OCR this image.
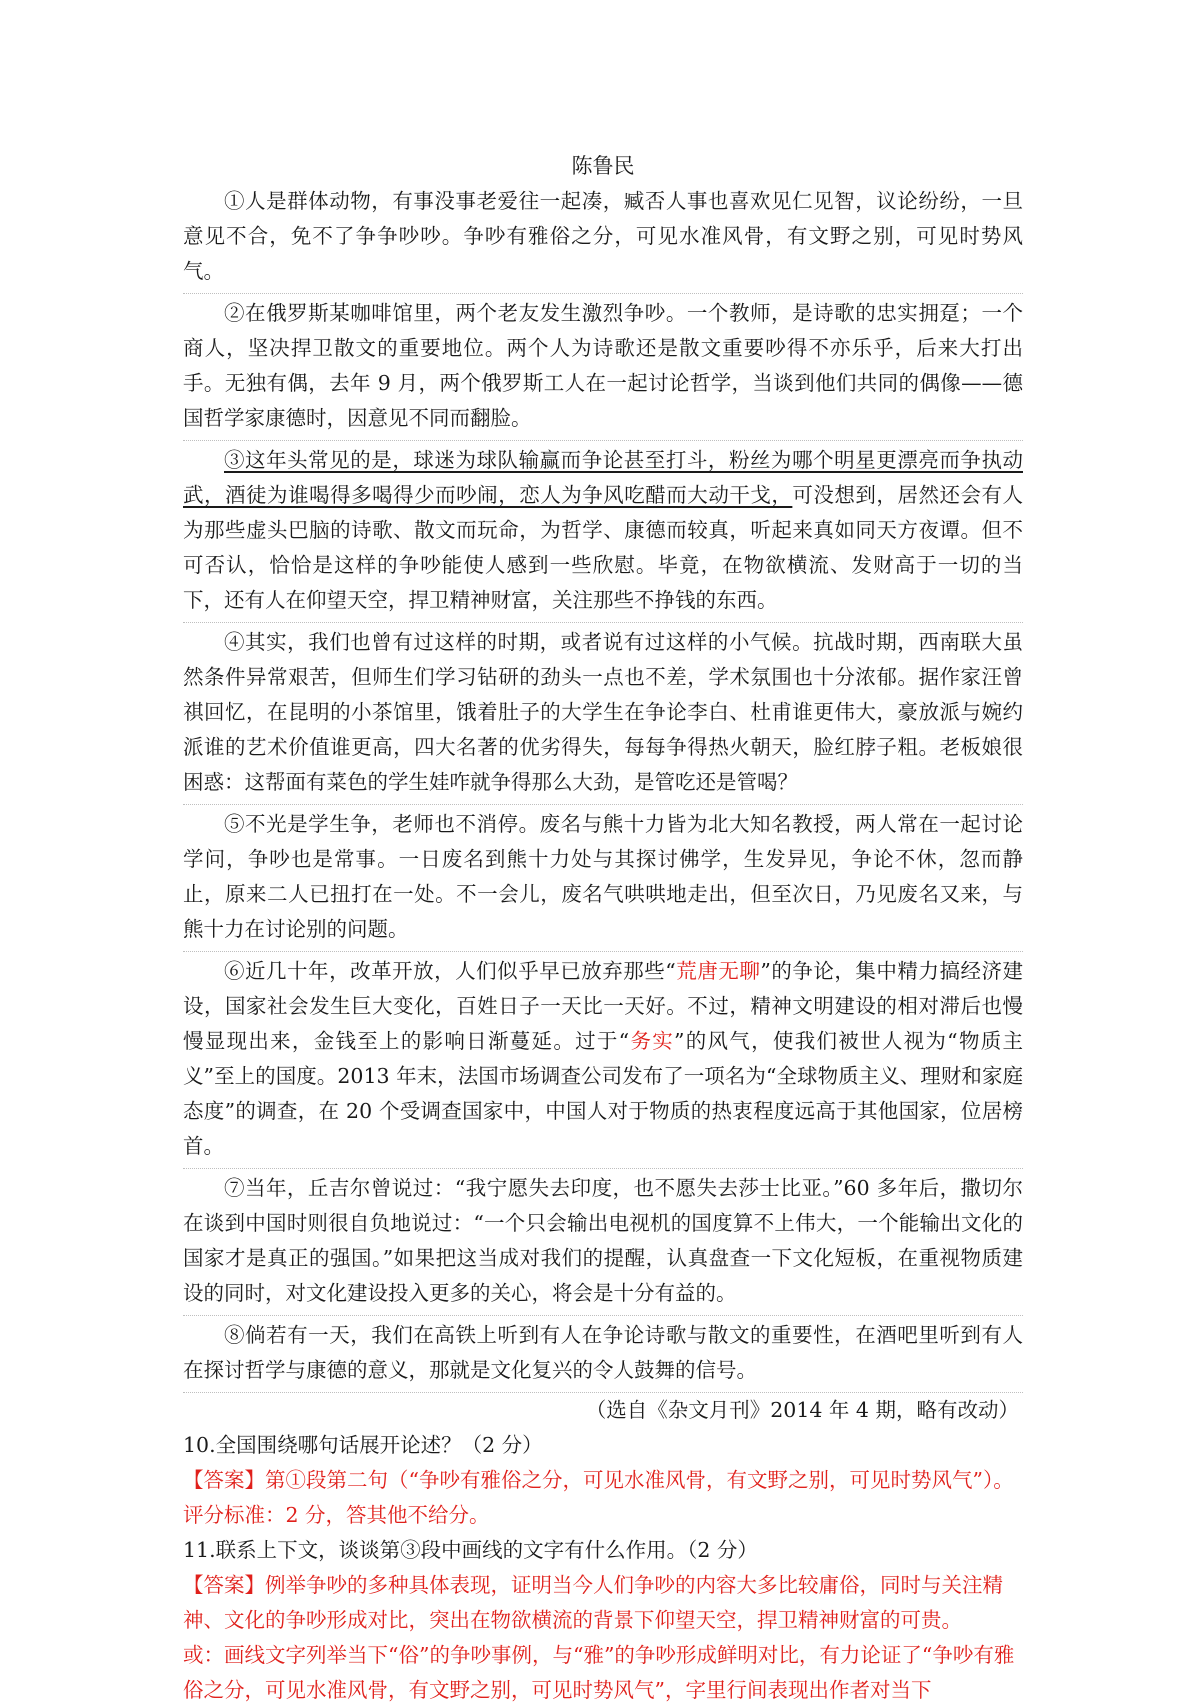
陈鲁民

①人是群体动物，有事没事老爱往一起凑，臧否人事也喜欢见仁见智，议论纷纷，一旦意见不合，免不了争争吵吵。争吵有雅俗之分，可见水准风骨，有文野之别，可见时势风气。

②在俄罗斯某咖啡馆里，两个老友发生激烈争吵。一个教师，是诗歌的忠实拥趸；一个商人，坚决捍卫散文的重要地位。两个人为诗歌还是散文重要吵得不亦乐乎，后来大打出手。无独有偶，去年 9 月，两个俄罗斯工人在一起讨论哲学，当谈到他们共同的偶像——德国哲学家康德时，因意见不同而翻脸。

③这年头常见的是，球迷为球队输赢而争论甚至打斗，粉丝为哪个明星更漂亮而争执动武，酒徒为谁喝得多喝得少而吵闹，恋人为争风吃醋而大动干戈，可没想到，居然还会有人为那些虚头巴脑的诗歌、散文而玩命，为哲学、康德而较真，听起来真如同天方夜谭。但不可否认，恰恰是这样的争吵能使人感到一些欣慰。毕竟，在物欲横流、发财高于一切的当下，还有人在仰望天空，捍卫精神财富，关注那些不挣钱的东西。

④其实，我们也曾有过这样的时期，或者说有过这样的小气候。抗战时期，西南联大虽然条件异常艰苦，但师生们学习钻研的劲头一点也不差，学术氛围也十分浓郁。据作家汪曾祺回忆，在昆明的小茶馆里，饿着肚子的大学生在争论李白、杜甫谁更伟大，豪放派与婉约派谁的艺术价值谁更高，四大名著的优劣得失，每每争得热火朝天，脸红脖子粗。老板娘很困惑：这帮面有菜色的学生娃咋就争得那么大劲，是管吃还是管喝？

⑤不光是学生争，老师也不消停。废名与熊十力皆为北大知名教授，两人常在一起讨论学问，争吵也是常事。一日废名到熊十力处与其探讨佛学，生发异见，争论不休，忽而静止，原来二人已扭打在一处。不一会儿，废名气哄哄地走出，但至次日，乃见废名又来，与熊十力在讨论别的问题。

⑥近几十年，改革开放，人们似乎早已放弃那些“荒唐无聊”的争论，集中精力搞经济建设，国家社会发生巨大变化，百姓日子一天比一天好。不过，精神文明建设的相对滞后也慢慢显现出来，金钱至上的影响日渐蔓延。过于“务实”的风气，使我们被世人视为“物质主义”至上的国度。2013 年末，法国市场调查公司发布了一项名为“全球物质主义、理财和家庭态度”的调查，在 20 个受调查国家中，中国人对于物质的热衷程度远高于其他国家，位居榜首。

⑦当年，丘吉尔曾说过：“我宁愿失去印度，也不愿失去莎士比亚。”60 多年后，撒切尔在谈到中国时则很自负地说过：“一个只会输出电视机的国度算不上伟大，一个能输出文化的国家才是真正的强国。”如果把这当成对我们的提醒，认真盘查一下文化短板，在重视物质建设的同时，对文化建设投入更多的关心，将会是十分有益的。

⑧倘若有一天，我们在高铁上听到有人在争论诗歌与散文的重要性，在酒吧里听到有人在探讨哲学与康德的意义，那就是文化复兴的令人鼓舞的信号。

（选自《杂文月刊》2014 年 4 期，略有改动）

10.全国围绕哪句话展开论述？（2 分）

【答案】第①段第二句（“争吵有雅俗之分，可见水准风骨，有文野之别，可见时势风气”）。

评分标准：2 分，答其他不给分。

11.联系上下文，谈谈第③段中画线的文字有什么作用。（2 分）

【答案】例举争吵的多种具体表现，证明当今人们争吵的内容大多比较庸俗，同时与关注精神、文化的争吵形成对比，突出在物欲横流的背景下仰望天空，捍卫精神财富的可贵。

或：画线文字列举当下“俗”的争吵事例，与“雅”的争吵形成鲜明对比，有力论证了“争吵有雅俗之分，可见水准风骨，有文野之别，可见时势风气”，字里行间表现出作者对当下
